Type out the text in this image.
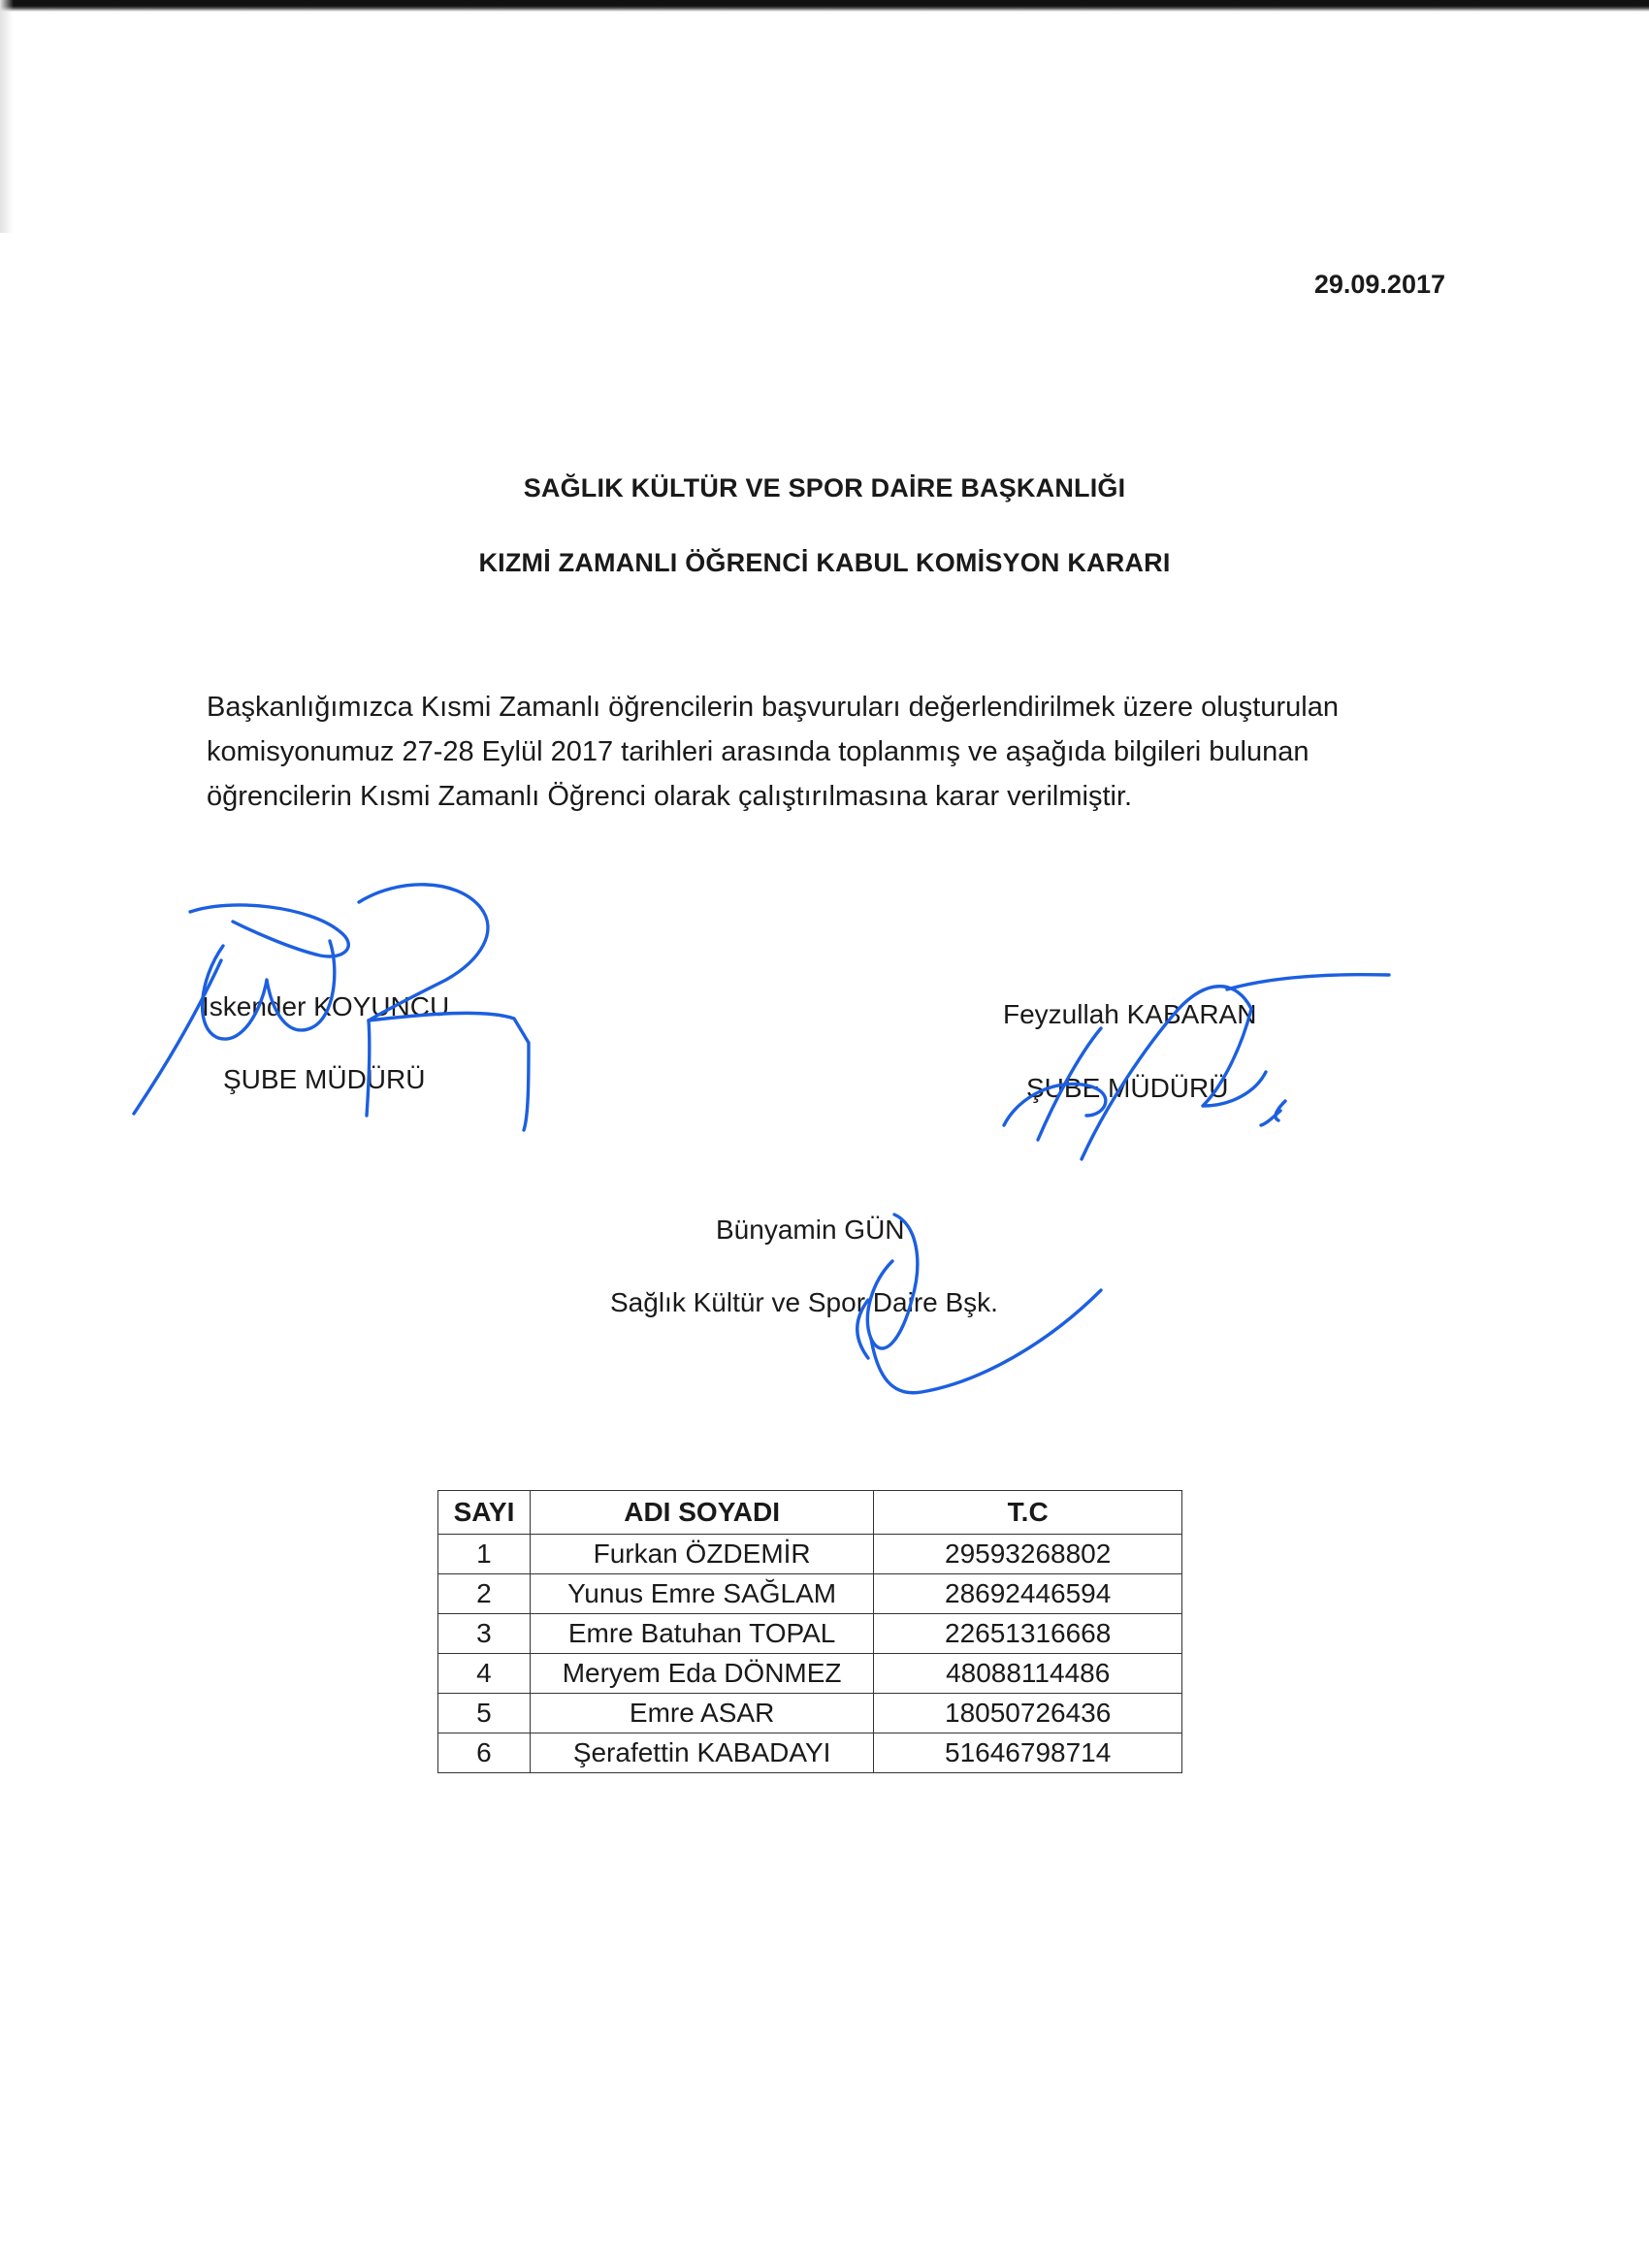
29.09.2017
SAĞLIK KÜLTÜR VE SPOR DAİRE BAŞKANLIĞI
KIZMİ ZAMANLI ÖĞRENCİ KABUL KOMİSYON KARARI
Başkanlığımızca Kısmi Zamanlı öğrencilerin başvuruları değerlendirilmek üzere oluşturulan
komisyonumuz 27-28 Eylül 2017 tarihleri arasında toplanmış ve aşağıda bilgileri bulunan
öğrencilerin Kısmi Zamanlı Öğrenci olarak çalıştırılmasına karar verilmiştir.
İskender KOYUNCU
ŞUBE MÜDÜRÜ
Feyzullah KABARAN
ŞUBE MÜDÜRÜ
Bünyamin GÜN
Sağlık Kültür ve Spor Daire Bşk.
SAYI	ADI SOYADI	T.C
1	Furkan ÖZDEMİR	29593268802
2	Yunus Emre SAĞLAM	28692446594
3	Emre Batuhan TOPAL	22651316668
4	Meryem Eda DÖNMEZ	48088114486
5	Emre ASAR	18050726436
6	Şerafettin KABADAYI	51646798714
